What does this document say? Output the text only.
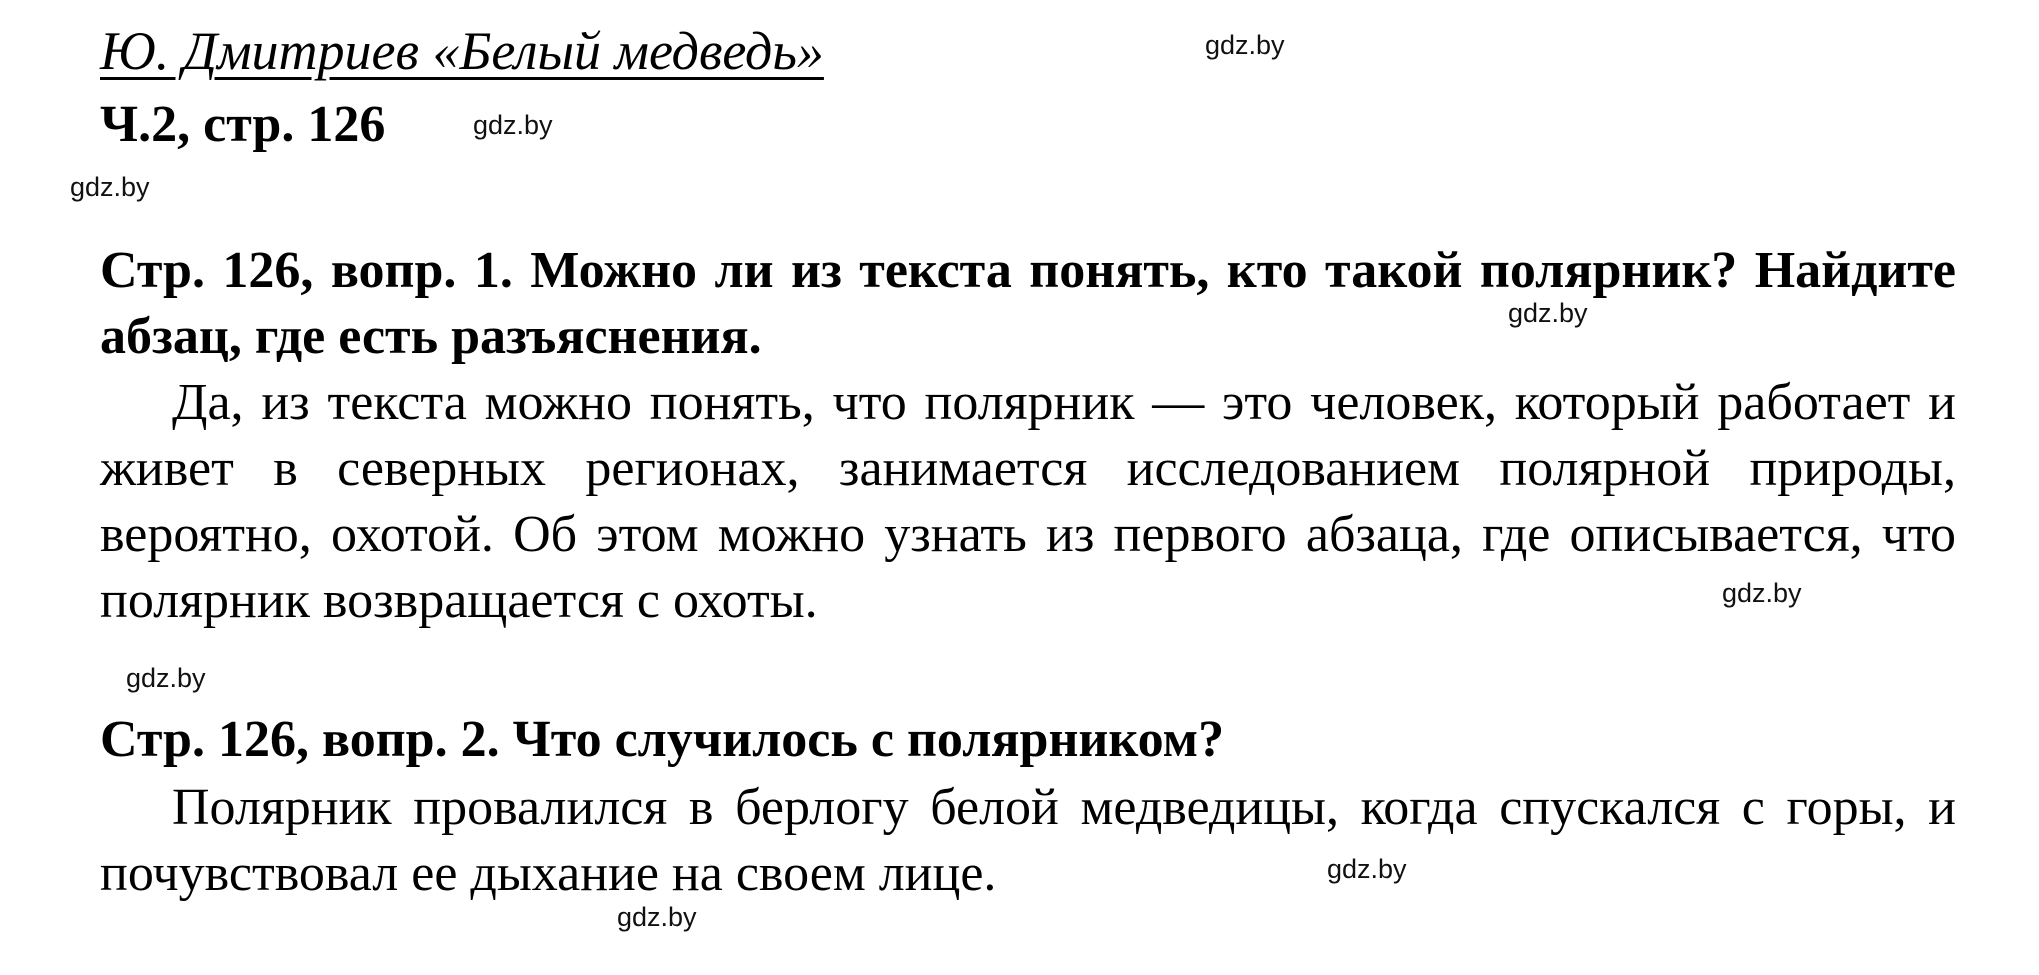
Ю. Дмитриев «Белый медведь»
Ч.2, стр. 126

Стр. 126, вопр. 1. Можно ли из текста понять, кто такой полярник? Найдите абзац, где есть разъяснения.

Да, из текста можно понять, что полярник — это человек, который работает и живет в северных регионах, занимается исследованием полярной природы, вероятно, охотой. Об этом можно узнать из первого абзаца, где описывается, что полярник возвращается с охоты.

Стр. 126, вопр. 2. Что случилось с полярником?

Полярник провалился в берлогу белой медведицы, когда спускался с горы, и почувствовал ее дыхание на своем лице.

gdz.by
gdz.by
gdz.by
gdz.by
gdz.by
gdz.by
gdz.by
gdz.by
